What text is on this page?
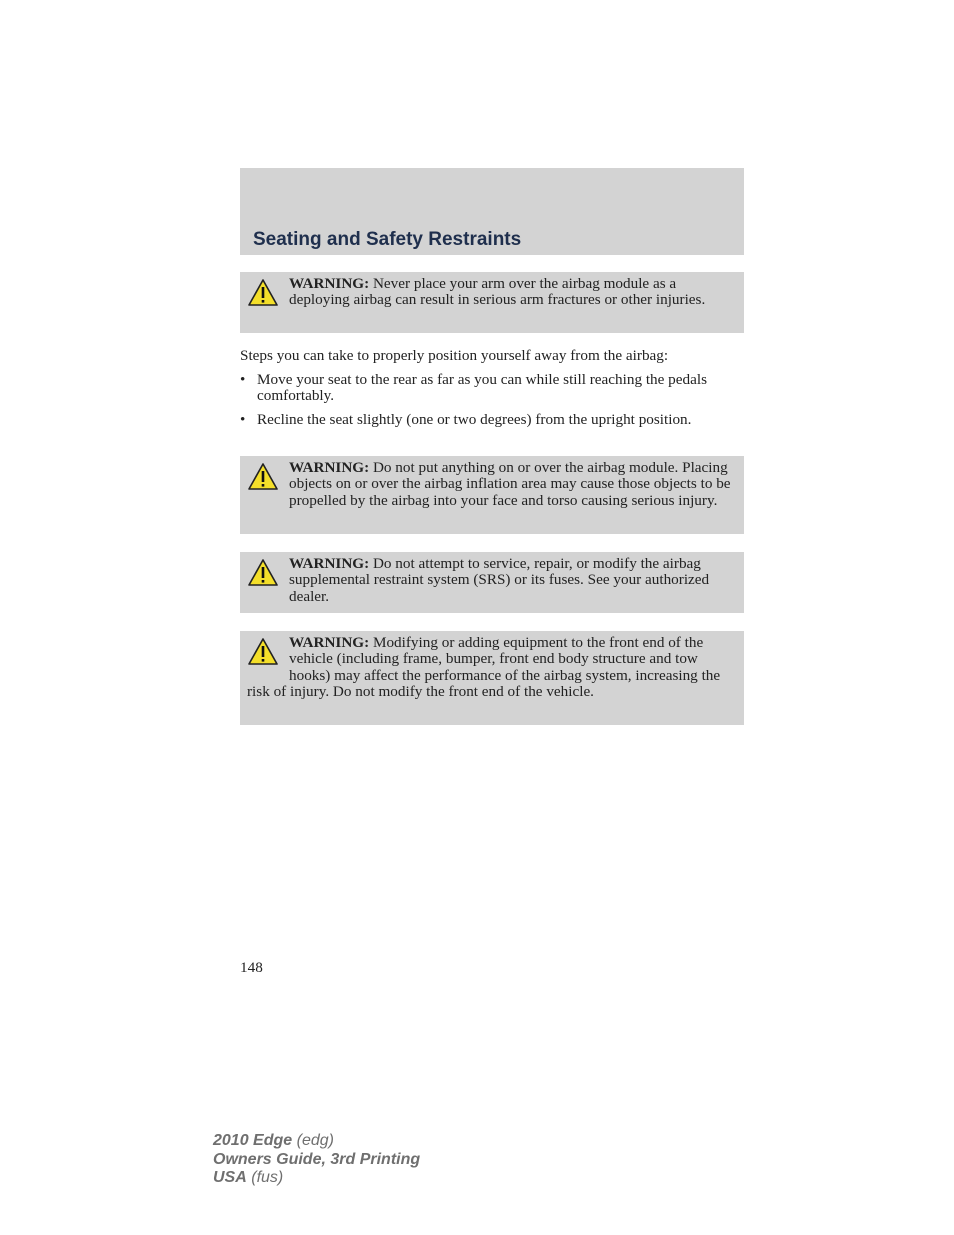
Seating and Safety Restraints
WARNING: Never place your arm over the airbag module as a deploying airbag can result in serious arm fractures or other injuries.

Steps you can take to properly position yourself away from the airbag:

• Move your seat to the rear as far as you can while still reaching the pedals comfortably.
• Recline the seat slightly (one or two degrees) from the upright position.
WARNING: Do not put anything on or over the airbag module. Placing objects on or over the airbag inflation area may cause those objects to be propelled by the airbag into your face and torso causing serious injury.
WARNING: Do not attempt to service, repair, or modify the airbag supplemental restraint system (SRS) or its fuses. See your authorized dealer.
WARNING: Modifying or adding equipment to the front end of the vehicle (including frame, bumper, front end body structure and tow hooks) may affect the performance of the airbag system, increasing the risk of injury. Do not modify the front end of the vehicle.

148

2010 Edge (edg)
Owners Guide, 3rd Printing
USA (fus)
